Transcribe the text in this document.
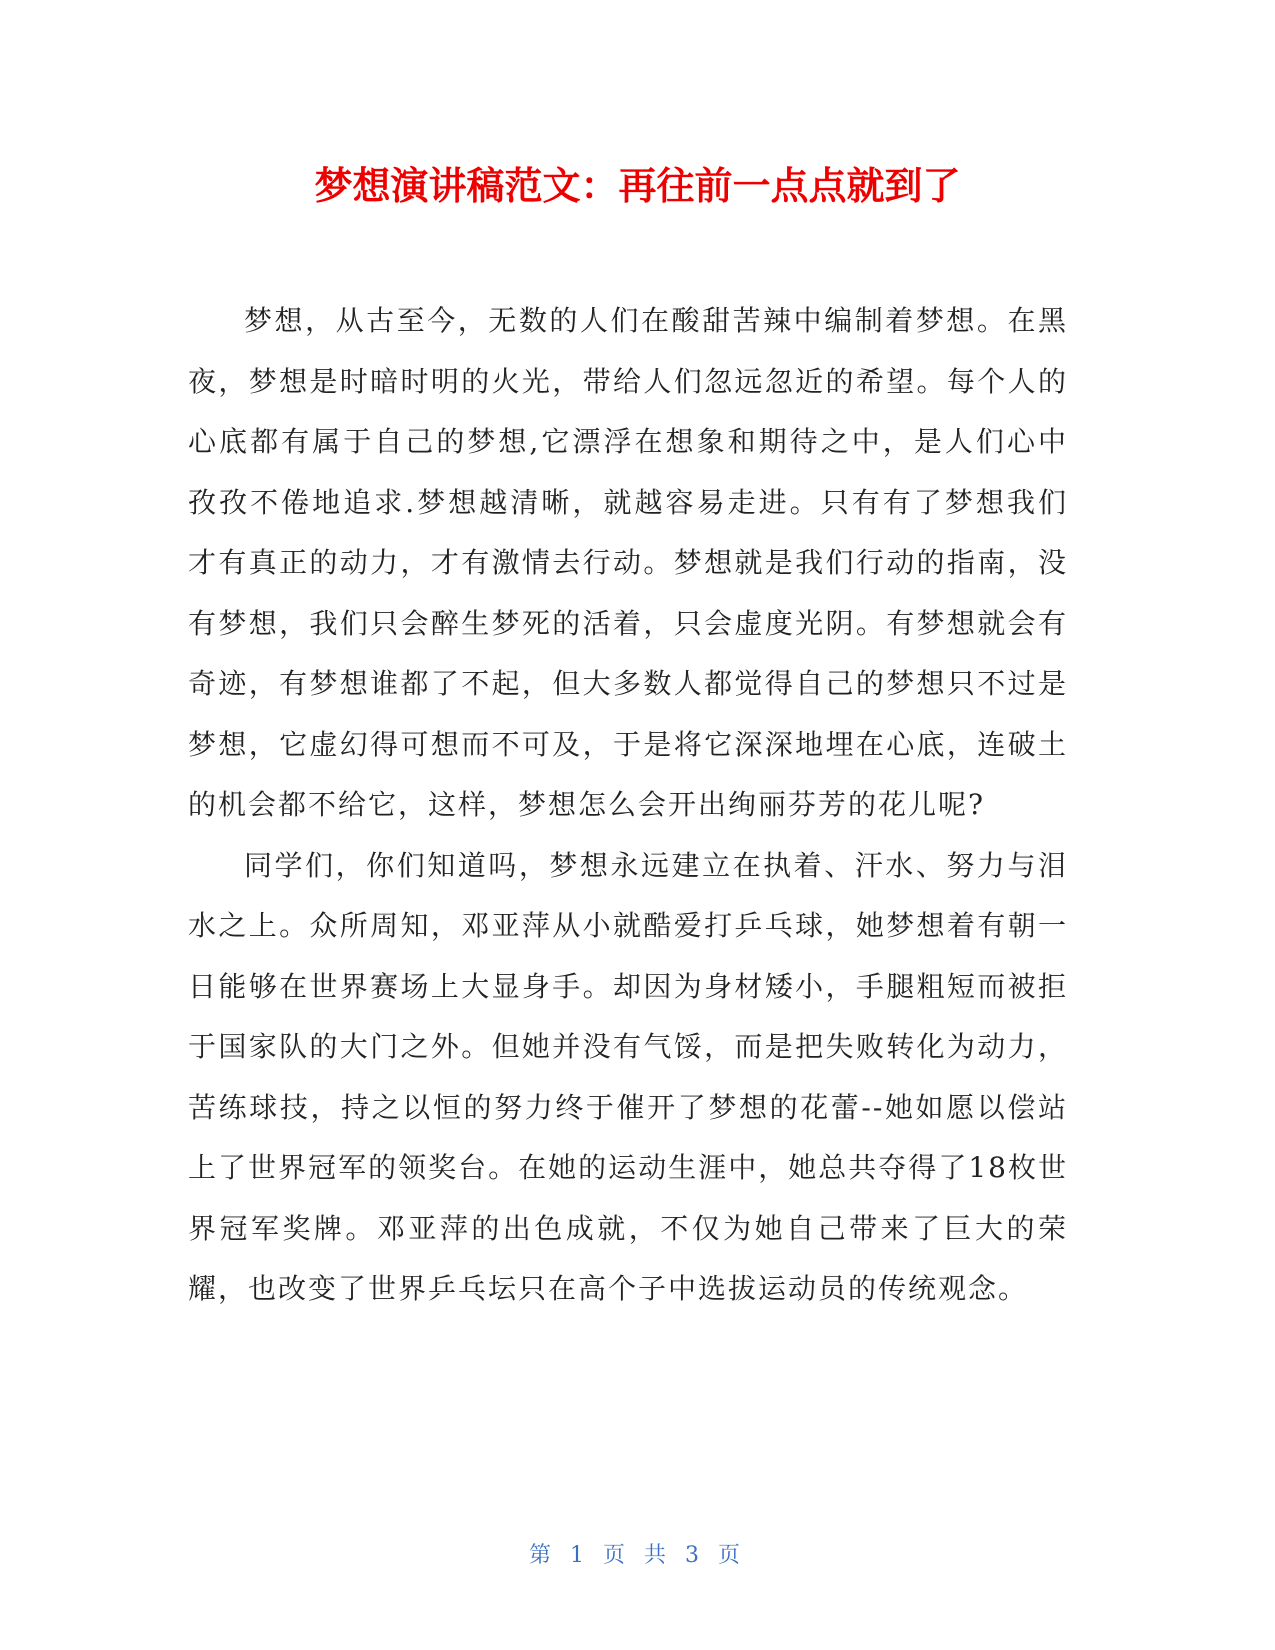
梦想演讲稿范文：再往前一点点就到了

梦想，从古至今，无数的人们在酸甜苦辣中编制着梦想。在黑夜，梦想是时暗时明的火光，带给人们忽远忽近的希望。每个人的心底都有属于自己的梦想,它漂浮在想象和期待之中，是人们心中孜孜不倦地追求.梦想越清晰，就越容易走进。只有有了梦想我们才有真正的动力，才有激情去行动。梦想就是我们行动的指南，没有梦想，我们只会醉生梦死的活着，只会虚度光阴。有梦想就会有奇迹，有梦想谁都了不起，但大多数人都觉得自己的梦想只不过是梦想，它虚幻得可想而不可及，于是将它深深地埋在心底，连破土的机会都不给它，这样，梦想怎么会开出绚丽芬芳的花儿呢?

同学们，你们知道吗，梦想永远建立在执着、汗水、努力与泪水之上。众所周知，邓亚萍从小就酷爱打乒乓球，她梦想着有朝一日能够在世界赛场上大显身手。却因为身材矮小，手腿粗短而被拒于国家队的大门之外。但她并没有气馁，而是把失败转化为动力，苦练球技，持之以恒的努力终于催开了梦想的花蕾--她如愿以偿站上了世界冠军的领奖台。在她的运动生涯中，她总共夺得了18枚世界冠军奖牌。邓亚萍的出色成就，不仅为她自己带来了巨大的荣耀，也改变了世界乒乓坛只在高个子中选拔运动员的传统观念。

第 1 页 共 3 页
